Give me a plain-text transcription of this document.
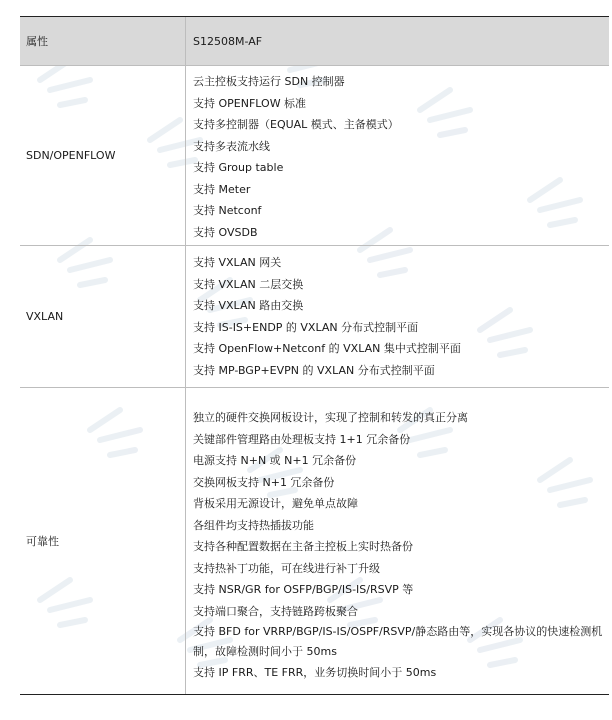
属性	S12508M-AF
SDN/OPENFLOW
云主控板支持运行 SDN 控制器
支持 OPENFLOW 标准
支持多控制器（EQUAL 模式、主备模式）
支持多表流水线
支持 Group table
支持 Meter
支持 Netconf
支持 OVSDB
VXLAN
支持 VXLAN 网关
支持 VXLAN 二层交换
支持 VXLAN 路由交换
支持 IS-IS+ENDP 的 VXLAN 分布式控制平面
支持 OpenFlow+Netconf 的 VXLAN 集中式控制平面
支持 MP-BGP+EVPN 的 VXLAN 分布式控制平面
可靠性
独立的硬件交换网板设计，实现了控制和转发的真正分离
关键部件管理路由处理板支持 1+1 冗余备份
电源支持 N+N 或 N+1 冗余备份
交换网板支持 N+1 冗余备份
背板采用无源设计，避免单点故障
各组件均支持热插拔功能
支持各种配置数据在主备主控板上实时热备份
支持热补丁功能，可在线进行补丁升级
支持 NSR/GR for OSFP/BGP/IS-IS/RSVP 等
支持端口聚合，支持链路跨板聚合
支持 BFD for VRRP/BGP/IS-IS/OSPF/RSVP/静态路由等，实现各协议的快速检测机制，故障检测时间小于 50ms
支持 IP FRR、TE FRR，业务切换时间小于 50ms
